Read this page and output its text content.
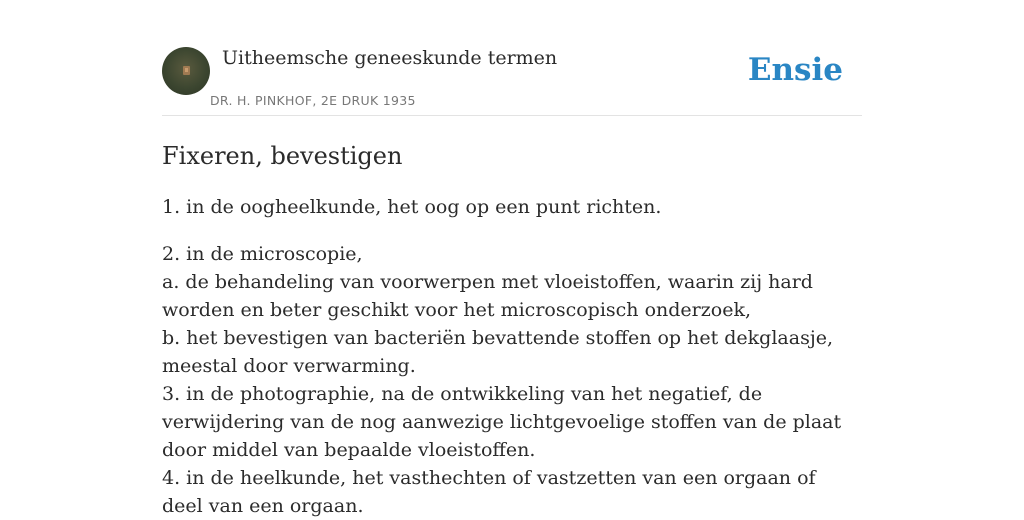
Uitheemsche geneeskunde termen
DR. H. PINKHOF, 2E DRUK 1935
Ensie
Fixeren, bevestigen

1. in de oogheelkunde, het oog op een punt richten.

2. in de microscopie,
a. de behandeling van voorwerpen met vloeistoffen, waarin zij hard worden en beter geschikt voor het microscopisch onderzoek,
b. het bevestigen van bacteriën bevattende stoffen op het dekglaasje, meestal door verwarming.
3. in de photographie, na de ontwikkeling van het negatief, de verwijdering van de nog aanwezige lichtgevoelige stoffen van de plaat door middel van bepaalde vloeistoffen.
4. in de heelkunde, het vasthechten of vastzetten van een orgaan of deel van een orgaan.
